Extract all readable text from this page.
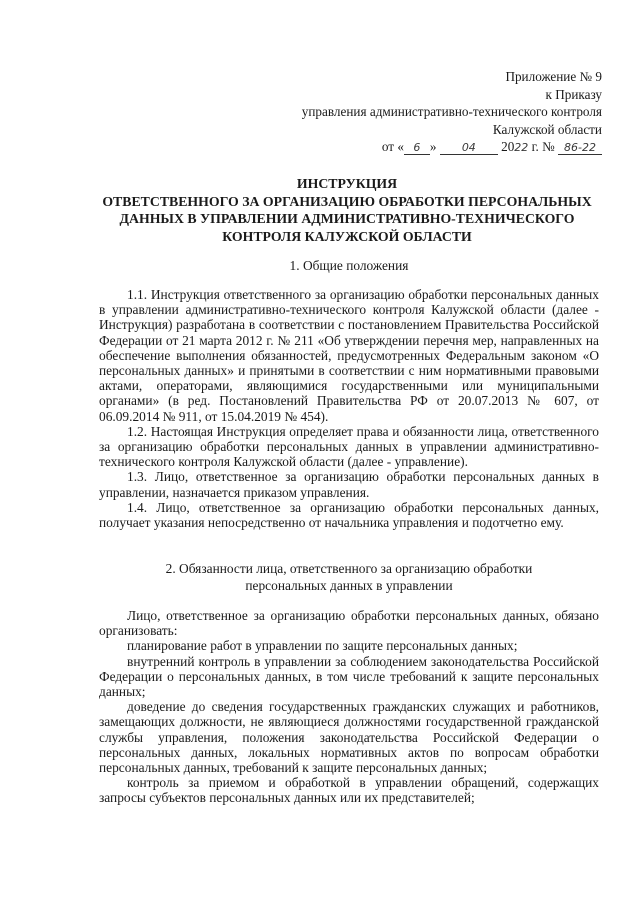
Приложение № 9
к Приказу
управления административно-технического контроля
Калужской области
от « 6 » 04 2022 г. № 86-22
ИНСТРУКЦИЯ
ОТВЕТСТВЕННОГО ЗА ОРГАНИЗАЦИЮ ОБРАБОТКИ ПЕРСОНАЛЬНЫХ
ДАННЫХ В УПРАВЛЕНИИ АДМИНИСТРАТИВНО-ТЕХНИЧЕСКОГО
КОНТРОЛЯ КАЛУЖСКОЙ ОБЛАСТИ
1. Общие положения

1.1. Инструкция ответственного за организацию обработки персональных данных в управлении административно-технического контроля Калужской области (далее - Инструкция) разработана в соответствии с постановлением Правительства Российской Федерации от 21 марта 2012 г. № 211 «Об утверждении перечня мер, направленных на обеспечение выполнения обязанностей, предусмотренных Федеральным законом «О персональных данных» и принятыми в соответствии с ним нормативными правовыми актами, операторами, являющимися государственными или муниципальными органами» (в ред. Постановлений Правительства РФ от 20.07.2013 № 607, от 06.09.2014 № 911, от 15.04.2019 № 454).

1.2. Настоящая Инструкция определяет права и обязанности лица, ответственного за организацию обработки персональных данных в управлении административно-технического контроля Калужской области (далее - управление).

1.3. Лицо, ответственное за организацию обработки персональных данных в управлении, назначается приказом управления.

1.4. Лицо, ответственное за организацию обработки персональных данных, получает указания непосредственно от начальника управления и подотчетно ему.

2. Обязанности лица, ответственного за организацию обработки
персональных данных в управлении

Лицо, ответственное за организацию обработки персональных данных, обязано организовать:

планирование работ в управлении по защите персональных данных;

внутренний контроль в управлении за соблюдением законодательства Российской Федерации о персональных данных, в том числе требований к защите персональных данных;

доведение до сведения государственных гражданских служащих и работников, замещающих должности, не являющиеся должностями государственной гражданской службы управления, положения законодательства Российской Федерации о персональных данных, локальных нормативных актов по вопросам обработки персональных данных, требований к защите персональных данных;

контроль за приемом и обработкой в управлении обращений, содержащих запросы субъектов персональных данных или их представителей;
